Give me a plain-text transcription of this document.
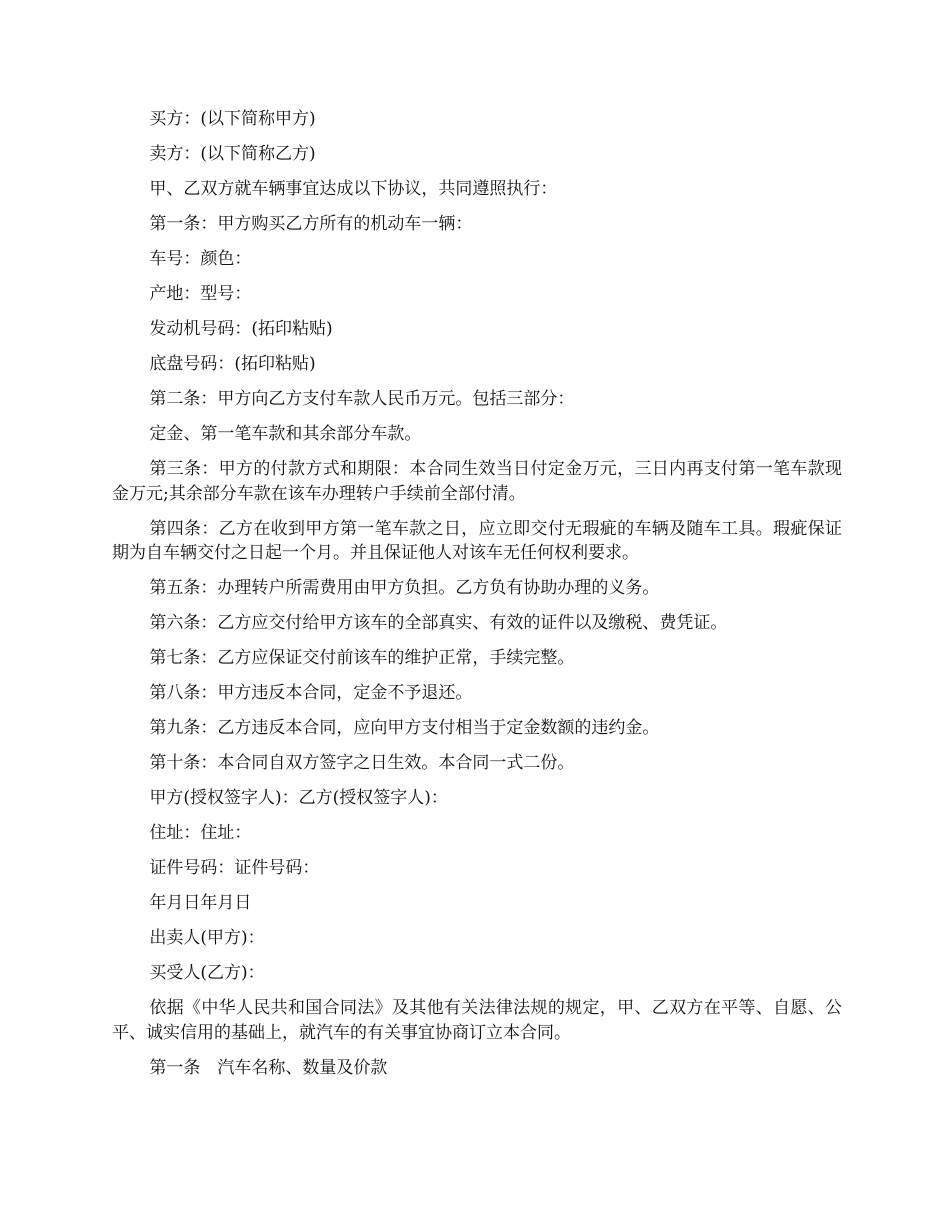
买方：(以下简称甲方)

卖方：(以下简称乙方)

甲、乙双方就车辆事宜达成以下协议，共同遵照执行：

第一条：甲方购买乙方所有的机动车一辆：

车号：颜色：

产地：型号：

发动机号码：(拓印粘贴)

底盘号码：(拓印粘贴)

第二条：甲方向乙方支付车款人民币万元。包括三部分：

定金、第一笔车款和其余部分车款。

第三条：甲方的付款方式和期限：本合同生效当日付定金万元，三日内再支付第一笔车款现金万元;其余部分车款在该车办理转户手续前全部付清。

第四条：乙方在收到甲方第一笔车款之日，应立即交付无瑕疵的车辆及随车工具。瑕疵保证期为自车辆交付之日起一个月。并且保证他人对该车无任何权利要求。

第五条：办理转户所需费用由甲方负担。乙方负有协助办理的义务。

第六条：乙方应交付给甲方该车的全部真实、有效的证件以及缴税、费凭证。

第七条：乙方应保证交付前该车的维护正常，手续完整。

第八条：甲方违反本合同，定金不予退还。

第九条：乙方违反本合同，应向甲方支付相当于定金数额的违约金。

第十条：本合同自双方签字之日生效。本合同一式二份。

甲方(授权签字人)：乙方(授权签字人)：

住址：住址：

证件号码：证件号码：

年月日年月日

出卖人(甲方)：

买受人(乙方)：

依据《中华人民共和国合同法》及其他有关法律法规的规定，甲、乙双方在平等、自愿、公平、诚实信用的基础上，就汽车的有关事宜协商订立本合同。

第一条　汽车名称、数量及价款
